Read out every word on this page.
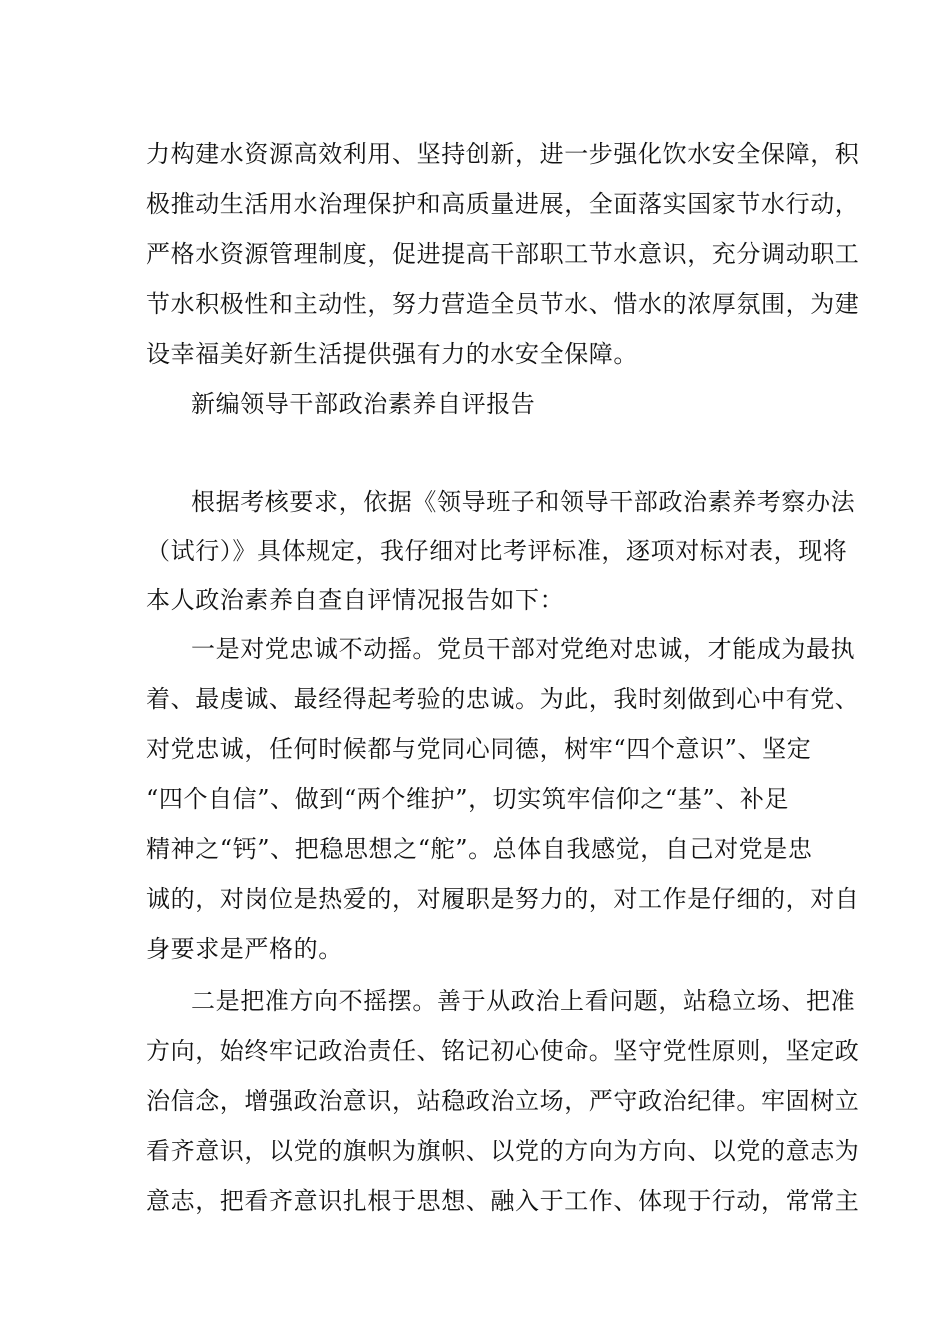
力构建水资源高效利用、坚持创新，进一步强化饮水安全保障，积
极推动生活用水治理保护和高质量进展，全面落实国家节水行动，
严格水资源管理制度，促进提高干部职工节水意识，充分调动职工
节水积极性和主动性，努力营造全员节水、惜水的浓厚氛围，为建
设幸福美好新生活提供强有力的水安全保障。
新编领导干部政治素养自评报告
根据考核要求，依据《领导班子和领导干部政治素养考察办法
（试行）》具体规定，我仔细对比考评标准，逐项对标对表，现将
本人政治素养自查自评情况报告如下：
一是对党忠诚不动摇。党员干部对党绝对忠诚，才能成为最执
着、最虔诚、最经得起考验的忠诚。为此，我时刻做到心中有党、
对党忠诚，任何时候都与党同心同德，树牢“四个意识”、坚定
“四个自信”、做到“两个维护”，切实筑牢信仰之“基”、补足
精神之“钙”、把稳思想之“舵”。总体自我感觉，自己对党是忠
诚的，对岗位是热爱的，对履职是努力的，对工作是仔细的，对自
身要求是严格的。
二是把准方向不摇摆。善于从政治上看问题，站稳立场、把准
方向，始终牢记政治责任、铭记初心使命。坚守党性原则，坚定政
治信念，增强政治意识，站稳政治立场，严守政治纪律。牢固树立
看齐意识，以党的旗帜为旗帜、以党的方向为方向、以党的意志为
意志，把看齐意识扎根于思想、融入于工作、体现于行动，常常主
